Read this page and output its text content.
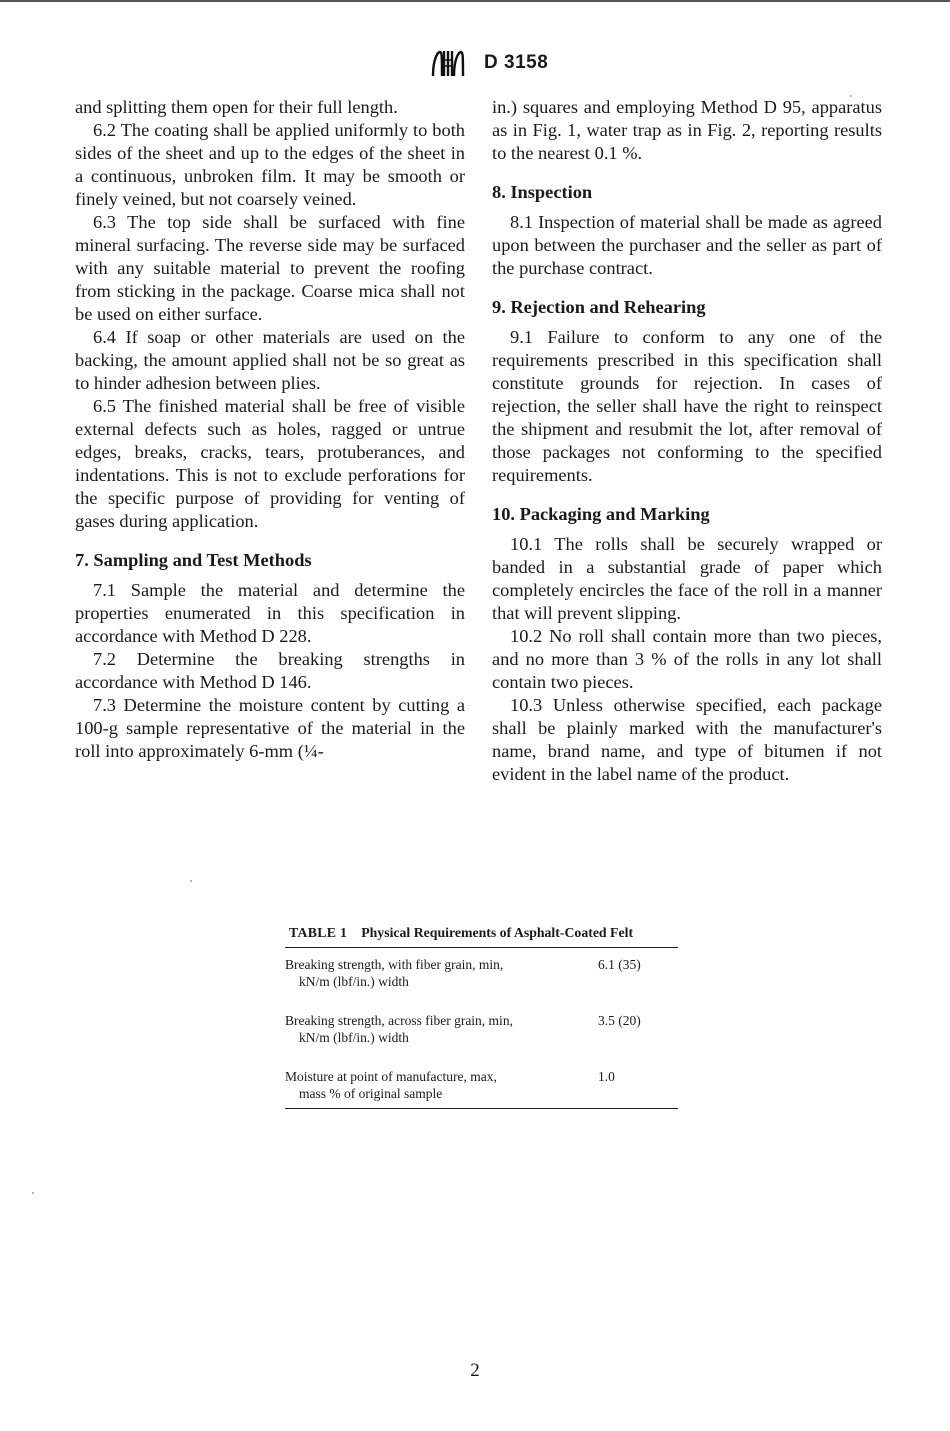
D 3158

and splitting them open for their full length.

6.2 The coating shall be applied uniformly to both sides of the sheet and up to the edges of the sheet in a continuous, unbroken film. It may be smooth or finely veined, but not coarsely veined.

6.3 The top side shall be surfaced with fine mineral surfacing. The reverse side may be surfaced with any suitable material to prevent the roofing from sticking in the package. Coarse mica shall not be used on either surface.

6.4 If soap or other materials are used on the backing, the amount applied shall not be so great as to hinder adhesion between plies.

6.5 The finished material shall be free of visible external defects such as holes, ragged or untrue edges, breaks, cracks, tears, protuberances, and indentations. This is not to exclude perforations for the specific purpose of providing for venting of gases during application.

7. Sampling and Test Methods

7.1 Sample the material and determine the properties enumerated in this specification in accordance with Method D 228.

7.2 Determine the breaking strengths in accordance with Method D 146.

7.3 Determine the moisture content by cutting a 100-g sample representative of the material in the roll into approximately 6-mm (¼-

in.) squares and employing Method D 95, apparatus as in Fig. 1, water trap as in Fig. 2, reporting results to the nearest 0.1 %.

8. Inspection

8.1 Inspection of material shall be made as agreed upon between the purchaser and the seller as part of the purchase contract.

9. Rejection and Rehearing

9.1 Failure to conform to any one of the requirements prescribed in this specification shall constitute grounds for rejection. In cases of rejection, the seller shall have the right to reinspect the shipment and resubmit the lot, after removal of those packages not conforming to the specified requirements.

10. Packaging and Marking

10.1 The rolls shall be securely wrapped or banded in a substantial grade of paper which completely encircles the face of the roll in a manner that will prevent slipping.

10.2 No roll shall contain more than two pieces, and no more than 3 % of the rolls in any lot shall contain two pieces.

10.3 Unless otherwise specified, each package shall be plainly marked with the manufacturer's name, brand name, and type of bitumen if not evident in the label name of the product.

TABLE 1 Physical Requirements of Asphalt-Coated Felt
Breaking strength, with fiber grain, min,
kN/m (lbf/in.) width
6.1 (35)
Breaking strength, across fiber grain, min,
kN/m (lbf/in.) width
3.5 (20)
Moisture at point of manufacture, max,
mass % of original sample
1.0
2
